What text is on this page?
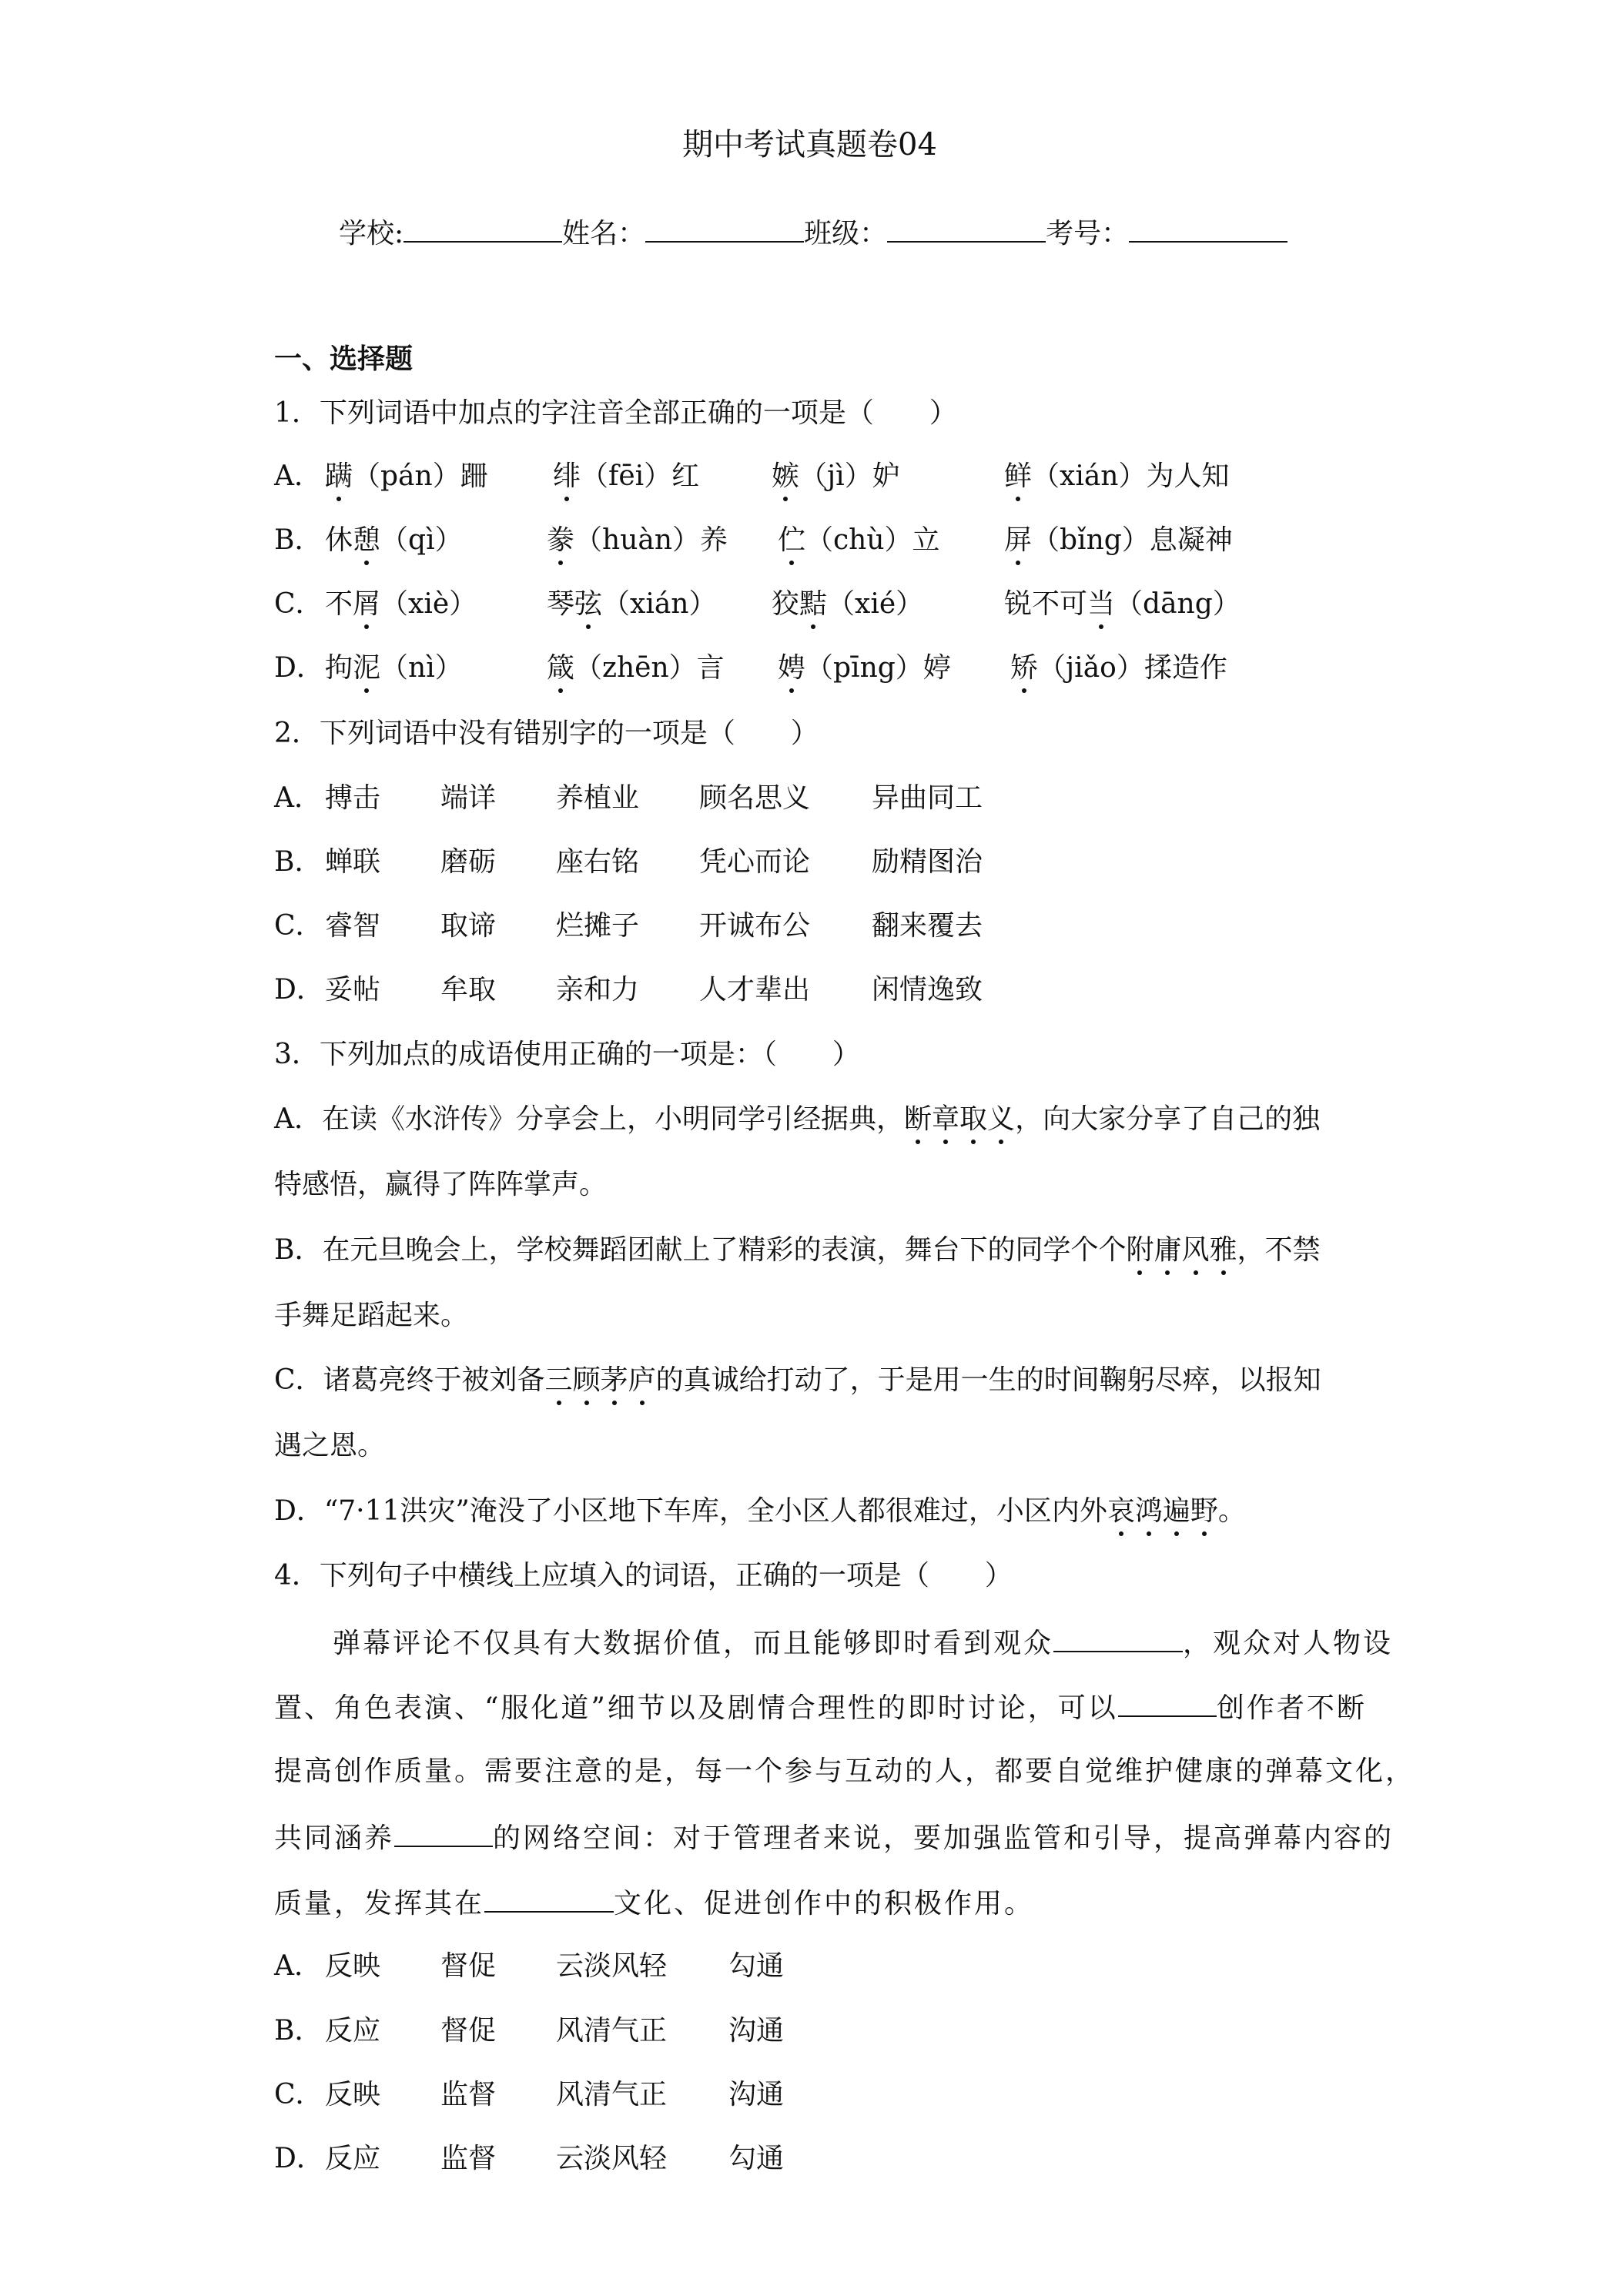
期中考试真题卷04
学校:	姓名：	班级：	考号：
一、选择题
1．下列词语中加点的字注音全部正确的一项是（　　）
A． 蹒（pán）跚 绯（fēi）红	嫉（jì）妒	鲜（xián）为人知
B． 休憩（qì）	豢（huàn）养 伫（chù）立 屏（bǐng）息凝神
C． 不屑（xiè）	琴弦（xián） 狡黠（xié）	锐不可当（dāng）
D． 拘泥（nì）	箴（zhēn）言 娉（pīng）婷 矫（jiǎo）揉造作
2．下列词语中没有错别字的一项是（　　）
A． 搏击 端详 养植业 顾名思义 异曲同工
B． 蝉联 磨砺 座右铭 凭心而论 励精图治
C． 睿智 取谛 烂摊子 开诚布公 翻来覆去
D． 妥帖 牟取 亲和力 人才辈出 闲情逸致
3．下列加点的成语使用正确的一项是：（　　）
A．在读《水浒传》分享会上，小明同学引经据典，断章取义，向大家分享了自己的独
特感悟，赢得了阵阵掌声。
B．在元旦晚会上，学校舞蹈团献上了精彩的表演，舞台下的同学个个附庸风雅，不禁
手舞足蹈起来。
C．诸葛亮终于被刘备三顾茅庐的真诚给打动了，于是用一生的时间鞠躬尽瘁，以报知
遇之恩。
D．“7·11洪灾”淹没了小区地下车库，全小区人都很难过，小区内外哀鸿遍野。
4．下列句子中横线上应填入的词语，正确的一项是（　　）
弹幕评论不仅具有大数据价值，而且能够即时看到观众	，观众对人物设
置、角色表演、“服化道”细节以及剧情合理性的即时讨论，可以	创作者不断
提高创作质量。需要注意的是，每一个参与互动的人，都要自觉维护健康的弹幕文化，
共同涵养	的网络空间：对于管理者来说，要加强监管和引导，提高弹幕内容的
质量，发挥其在	文化、促进创作中的积极作用。
A． 反映 督促 云淡风轻 勾通
B． 反应 督促 风清气正 沟通
C． 反映 监督 风清气正 沟通
D． 反应 监督 云淡风轻 勾通
